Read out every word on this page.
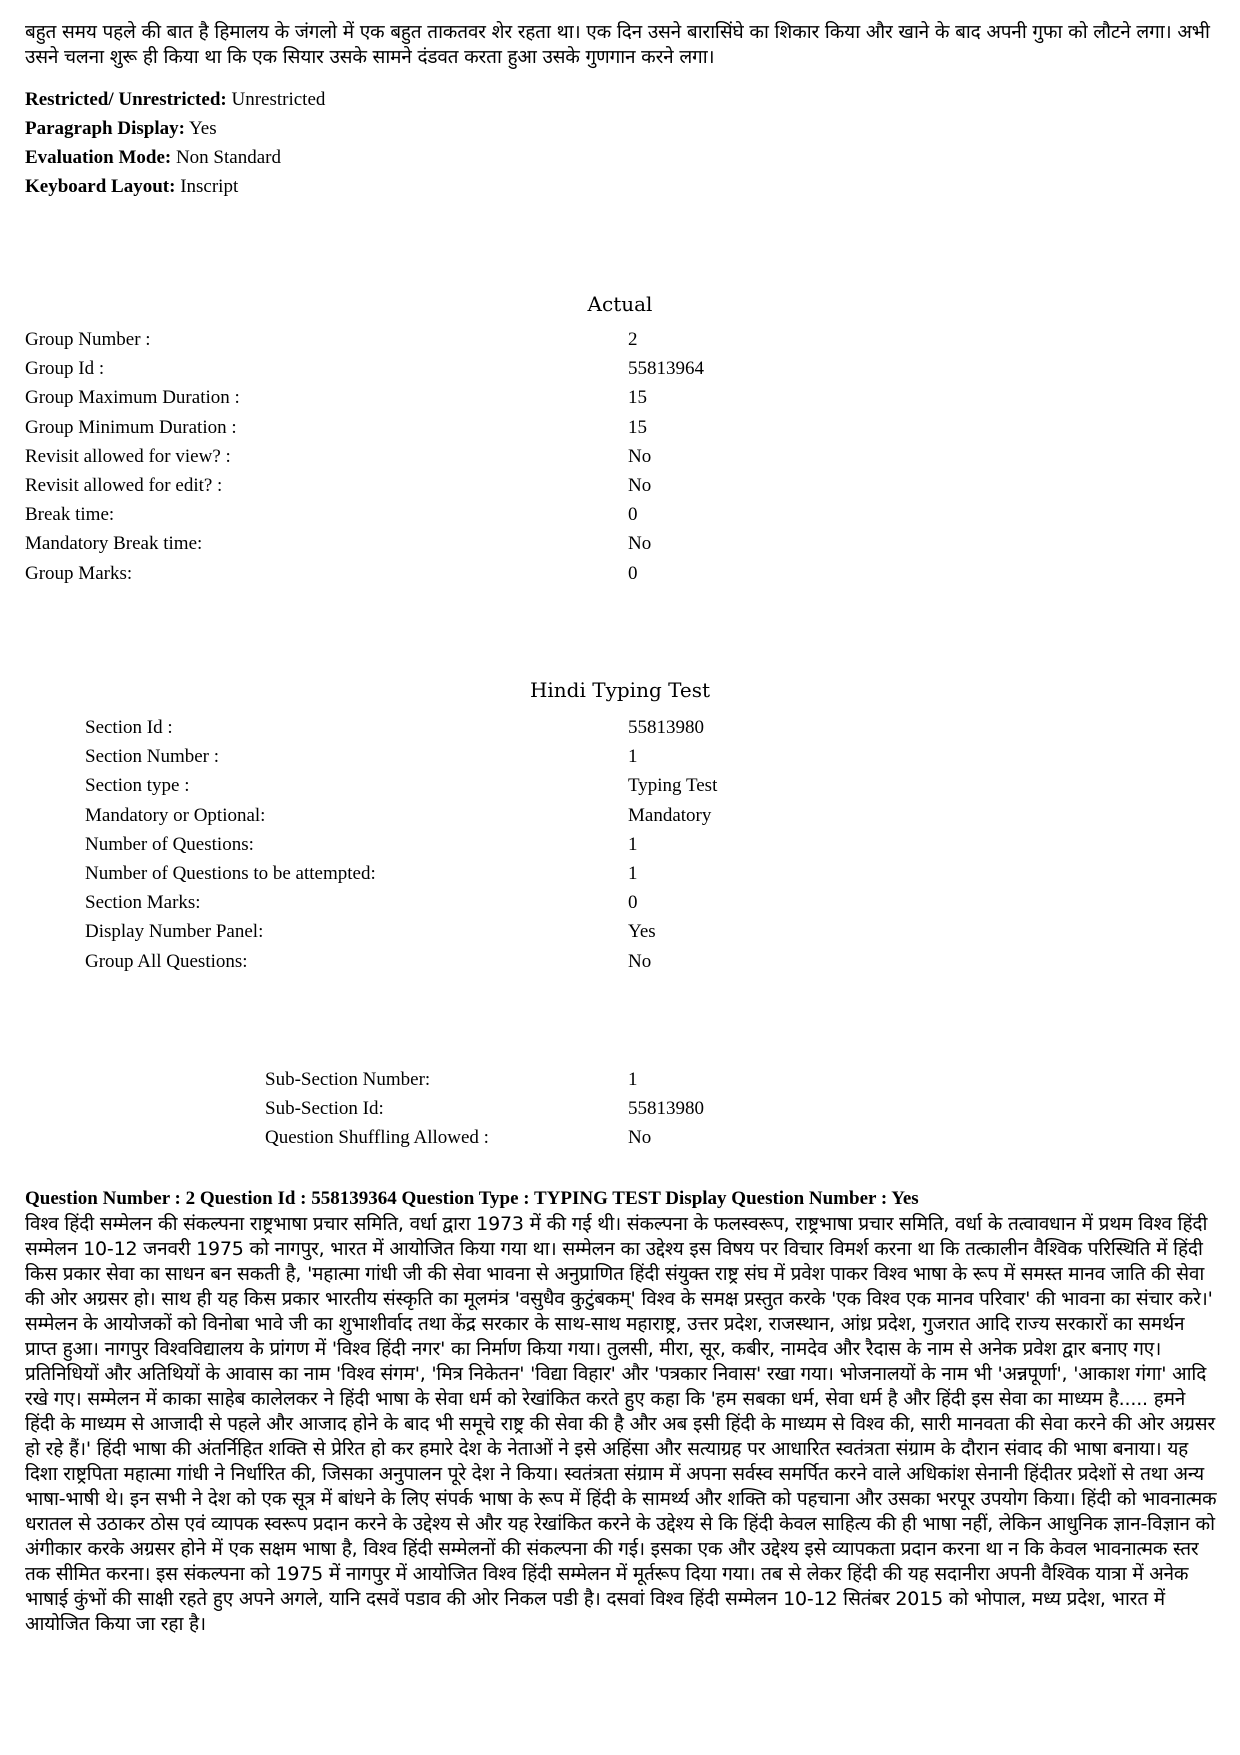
बहुत समय पहले की बात है हिमालय के जंगलो में एक बहुत ताकतवर शेर रहता था। एक दिन उसने बारासिंघे का शिकार किया और खाने के बाद अपनी गुफा को लौटने लगा। अभी उसने चलना शुरू ही किया था कि एक सियार उसके सामने दंडवत करता हुआ उसके गुणगान करने लगा।
Restricted/ Unrestricted: Unrestricted
Paragraph Display: Yes
Evaluation Mode: Non Standard
Keyboard Layout: Inscript
Actual
Group Number :	2
Group Id :	55813964
Group Maximum Duration :	15
Group Minimum Duration :	15
Revisit allowed for view? :	No
Revisit allowed for edit? :	No
Break time:	0
Mandatory Break time:	No
Group Marks:	0
Hindi Typing Test
Section Id :	55813980
Section Number :	1
Section type :	Typing Test
Mandatory or Optional:	Mandatory
Number of Questions:	1
Number of Questions to be attempted:	1
Section Marks:	0
Display Number Panel:	Yes
Group All Questions:	No
Sub-Section Number:	1
Sub-Section Id:	55813980
Question Shuffling Allowed :	No
Question Number : 2 Question Id : 558139364 Question Type : TYPING TEST Display Question Number : Yes
विश्व हिंदी सम्मेलन की संकल्पना राष्ट्रभाषा प्रचार समिति, वर्धा द्वारा 1973 में की गई थी। संकल्पना के फलस्वरूप, राष्ट्रभाषा प्रचार समिति, वर्धा के तत्वावधान में प्रथम विश्व हिंदी सम्मेलन 10-12 जनवरी 1975 को नागपुर, भारत में आयोजित किया गया था। सम्मेलन का उद्देश्य इस विषय पर विचार विमर्श करना था कि तत्कालीन वैश्विक परिस्थिति में हिंदी किस प्रकार सेवा का साधन बन सकती है, 'महात्मा गांधी जी की सेवा भावना से अनुप्राणित हिंदी संयुक्त राष्ट्र संघ में प्रवेश पाकर विश्व भाषा के रूप में समस्त मानव जाति की सेवा की ओर अग्रसर हो। साथ ही यह किस प्रकार भारतीय संस्कृति का मूलमंत्र 'वसुधैव कुटुंबकम्' विश्व के समक्ष प्रस्तुत करके 'एक विश्व एक मानव परिवार' की भावना का संचार करे।' सम्मेलन के आयोजकों को विनोबा भावे जी का शुभाशीर्वाद तथा केंद्र सरकार के साथ-साथ महाराष्ट्र, उत्तर प्रदेश, राजस्थान, आंध्र प्रदेश, गुजरात आदि राज्य सरकारों का समर्थन प्राप्त हुआ। नागपुर विश्वविद्यालय के प्रांगण में 'विश्व हिंदी नगर' का निर्माण किया गया। तुलसी, मीरा, सूर, कबीर, नामदेव और रैदास के नाम से अनेक प्रवेश द्वार बनाए गए। प्रतिनिधियों और अतिथियों के आवास का नाम 'विश्व संगम', 'मित्र निकेतन' 'विद्या विहार' और 'पत्रकार निवास' रखा गया। भोजनालयों के नाम भी 'अन्नपूर्णा', 'आकाश गंगा' आदि रखे गए। सम्मेलन में काका साहेब कालेलकर ने हिंदी भाषा के सेवा धर्म को रेखांकित करते हुए कहा कि 'हम सबका धर्म, सेवा धर्म है और हिंदी इस सेवा का माध्यम है..... हमने हिंदी के माध्यम से आजादी से पहले और आजाद होने के बाद भी समूचे राष्ट्र की सेवा की है और अब इसी हिंदी के माध्यम से विश्व की, सारी मानवता की सेवा करने की ओर अग्रसर हो रहे हैं।' हिंदी भाषा की अंतर्निहित शक्ति से प्रेरित हो कर हमारे देश के नेताओं ने इसे अहिंसा और सत्याग्रह पर आधारित स्वतंत्रता संग्राम के दौरान संवाद की भाषा बनाया। यह दिशा राष्ट्रपिता महात्मा गांधी ने निर्धारित की, जिसका अनुपालन पूरे देश ने किया। स्वतंत्रता संग्राम में अपना सर्वस्व समर्पित करने वाले अधिकांश सेनानी हिंदीतर प्रदेशों से तथा अन्य भाषा-भाषी थे। इन सभी ने देश को एक सूत्र में बांधने के लिए संपर्क भाषा के रूप में हिंदी के सामर्थ्य और शक्ति को पहचाना और उसका भरपूर उपयोग किया। हिंदी को भावनात्मक धरातल से उठाकर ठोस एवं व्यापक स्वरूप प्रदान करने के उद्देश्य से और यह रेखांकित करने के उद्देश्य से कि हिंदी केवल साहित्य की ही भाषा नहीं, लेकिन आधुनिक ज्ञान-विज्ञान को अंगीकार करके अग्रसर होने में एक सक्षम भाषा है, विश्व हिंदी सम्मेलनों की संकल्पना की गई। इसका एक और उद्देश्य इसे व्यापकता प्रदान करना था न कि केवल भावनात्मक स्तर तक सीमित करना। इस संकल्पना को 1975 में नागपुर में आयोजित विश्व हिंदी सम्मेलन में मूर्तरूप दिया गया। तब से लेकर हिंदी की यह सदानीरा अपनी वैश्विक यात्रा में अनेक भाषाई कुंभों की साक्षी रहते हुए अपने अगले, यानि दसवें पडाव की ओर निकल पडी है। दसवां विश्व हिंदी सम्मेलन 10-12 सितंबर 2015 को भोपाल, मध्य प्रदेश, भारत में आयोजित किया जा रहा है।
